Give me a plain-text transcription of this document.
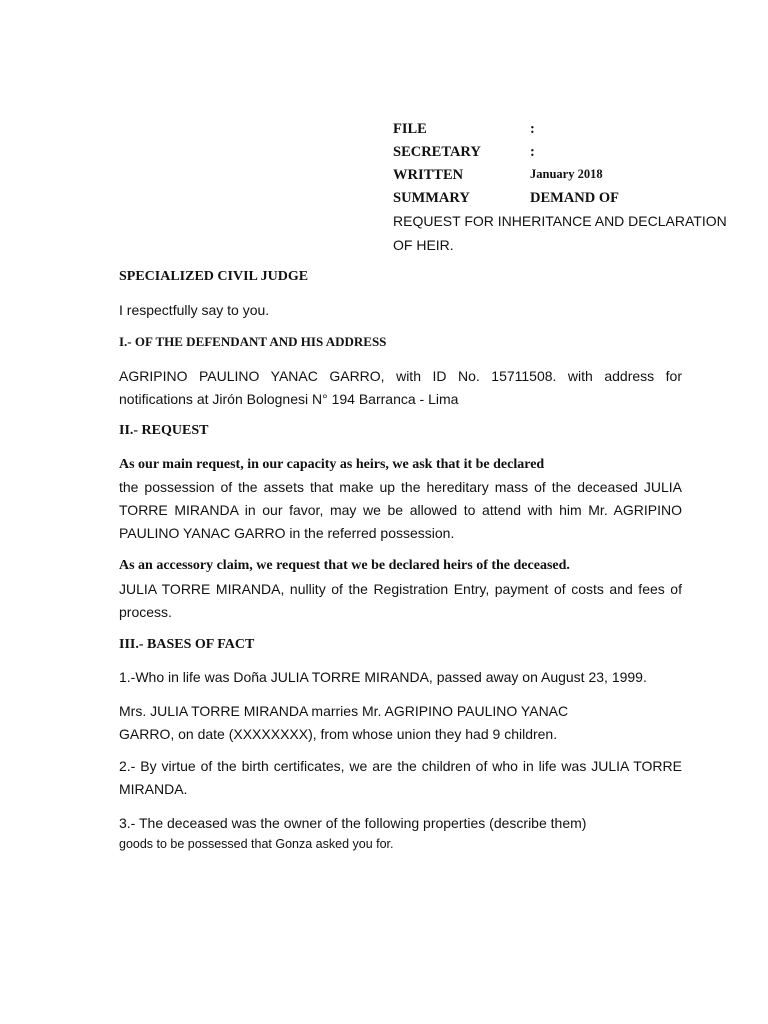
FILE	:
SECRETARY	:
WRITTEN	January 2018
SUMMARY	DEMAND OF
REQUEST FOR INHERITANCE AND DECLARATION
OF HEIR.
SPECIALIZED CIVIL JUDGE
I respectfully say to you.
I.- OF THE DEFENDANT AND HIS ADDRESS
AGRIPINO PAULINO YANAC GARRO, with ID No. 15711508. with address for notifications at Jirón Bolognesi N° 194 Barranca - Lima
II.- REQUEST
As our main request, in our capacity as heirs, we ask that it be declared
the possession of the assets that make up the hereditary mass of the deceased JULIA TORRE MIRANDA in our favor, may we be allowed to attend with him Mr. AGRIPINO PAULINO YANAC GARRO in the referred possession.
As an accessory claim, we request that we be declared heirs of the deceased.
JULIA TORRE MIRANDA, nullity of the Registration Entry, payment of costs and fees of process.
III.- BASES OF FACT
1.-Who in life was Doña JULIA TORRE MIRANDA, passed away on August 23, 1999.
Mrs. JULIA TORRE MIRANDA marries Mr. AGRIPINO PAULINO YANAC
GARRO, on date (XXXXXXXX), from whose union they had 9 children.
2.- By virtue of the birth certificates, we are the children of who in life was JULIA TORRE MIRANDA.
3.- The deceased was the owner of the following properties (describe them)
goods to be possessed that Gonza asked you for.
